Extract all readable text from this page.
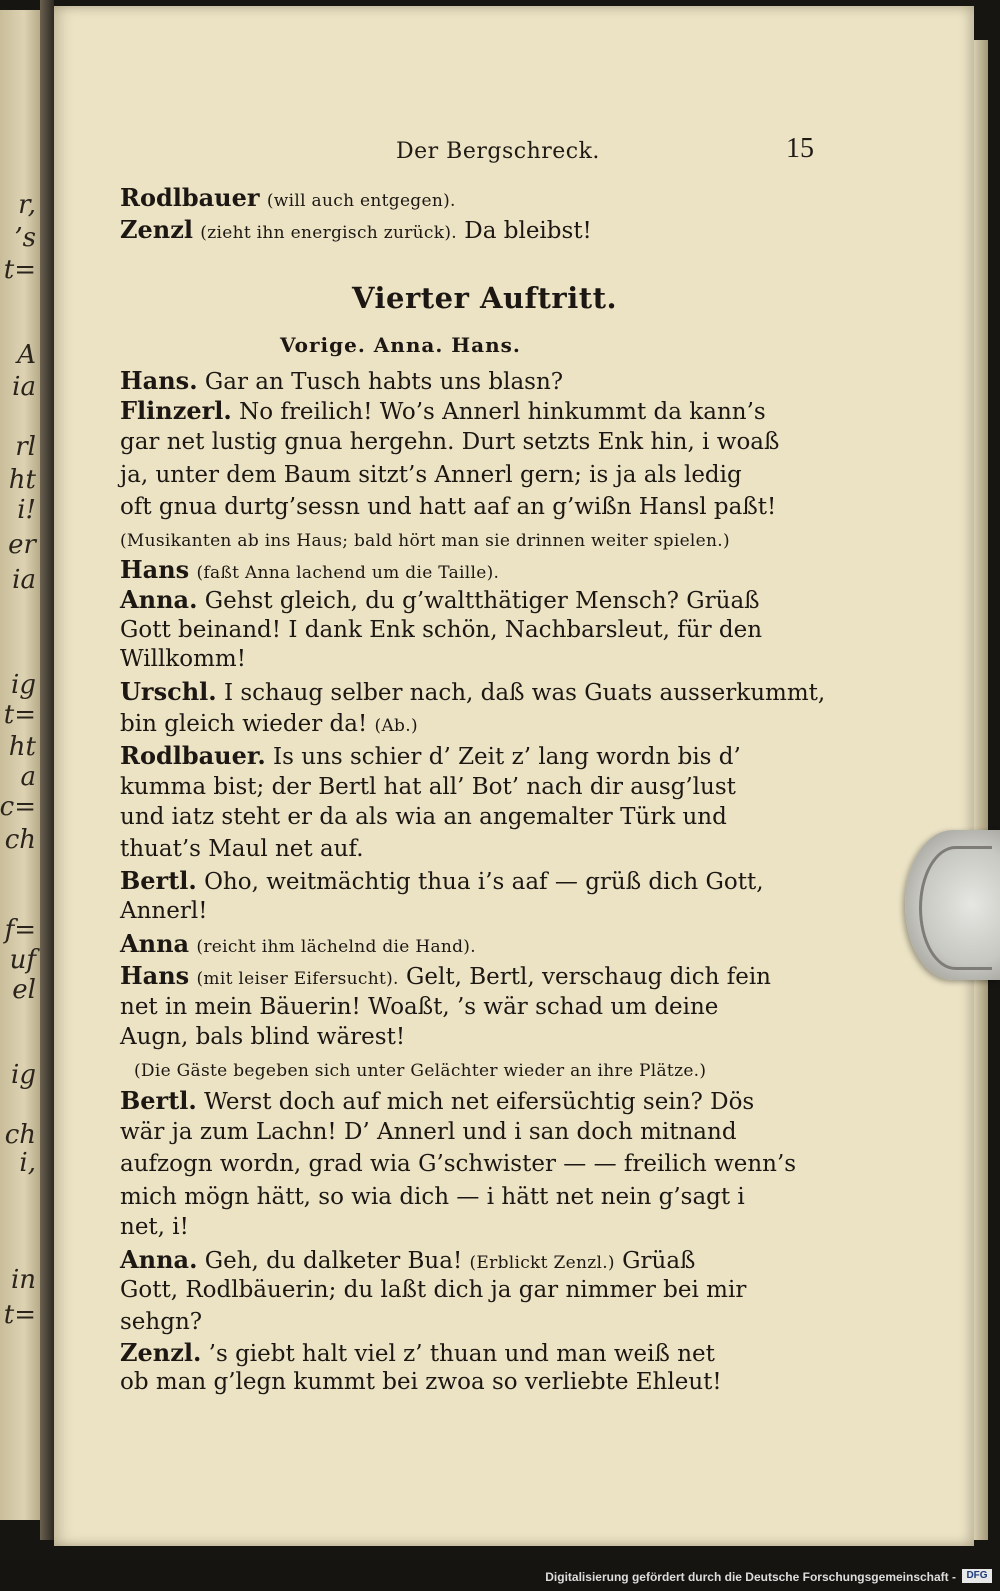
r,
’s
t=
A
ia
rl
ht
i!
er
ia
ig
t=
ht
a
c=
ch
f=
uf
el
ig
ch
i,
in
t=
Der Bergschreck.	15
Rodlbauer (will auch entgegen).
Zenzl (zieht ihn energisch zurück). Da bleibst!
Vierter Auftritt.
Vorige. Anna. Hans.
Hans. Gar an Tusch habts uns blasn?
Flinzerl. No freilich! Wo’s Annerl hinkummt da kann’s
gar net lustig gnua hergehn. Durt setzts Enk hin, i woaß
ja, unter dem Baum sitzt’s Annerl gern; is ja als ledig
oft gnua durtg’sessn und hatt aaf an g’wißn Hansl paßt!
(Musikanten ab ins Haus; bald hört man sie drinnen weiter spielen.)
Hans (faßt Anna lachend um die Taille).
Anna. Gehst gleich, du g’waltthätiger Mensch? Grüaß
Gott beinand! I dank Enk schön, Nachbarsleut, für den
Willkomm!
Urschl. I schaug selber nach, daß was Guats ausserkummt,
bin gleich wieder da! (Ab.)
Rodlbauer. Is uns schier d’ Zeit z’ lang wordn bis d’
kumma bist; der Bertl hat all’ Bot’ nach dir ausg’lust
und iatz steht er da als wia an angemalter Türk und
thuat’s Maul net auf.
Bertl. Oho, weitmächtig thua i’s aaf — grüß dich Gott,
Annerl!
Anna (reicht ihm lächelnd die Hand).
Hans (mit leiser Eifersucht). Gelt, Bertl, verschaug dich fein
net in mein Bäuerin! Woaßt, ’s wär schad um deine
Augn, bals blind wärest!
(Die Gäste begeben sich unter Gelächter wieder an ihre Plätze.)
Bertl. Werst doch auf mich net eifersüchtig sein? Dös
wär ja zum Lachn! D’ Annerl und i san doch mitnand
aufzogn wordn, grad wia G’schwister — — freilich wenn’s
mich mögn hätt, so wia dich — i hätt net nein g’sagt i
net, i!
Anna. Geh, du dalketer Bua! (Erblickt Zenzl.) Grüaß
Gott, Rodlbäuerin; du laßt dich ja gar nimmer bei mir
sehgn?
Zenzl. ’s giebt halt viel z’ thuan und man weiß net
ob man g’legn kummt bei zwoa so verliebte Ehleut!
Digitalisierung gefördert durch die Deutsche Forschungsgemeinschaft -	DFG
